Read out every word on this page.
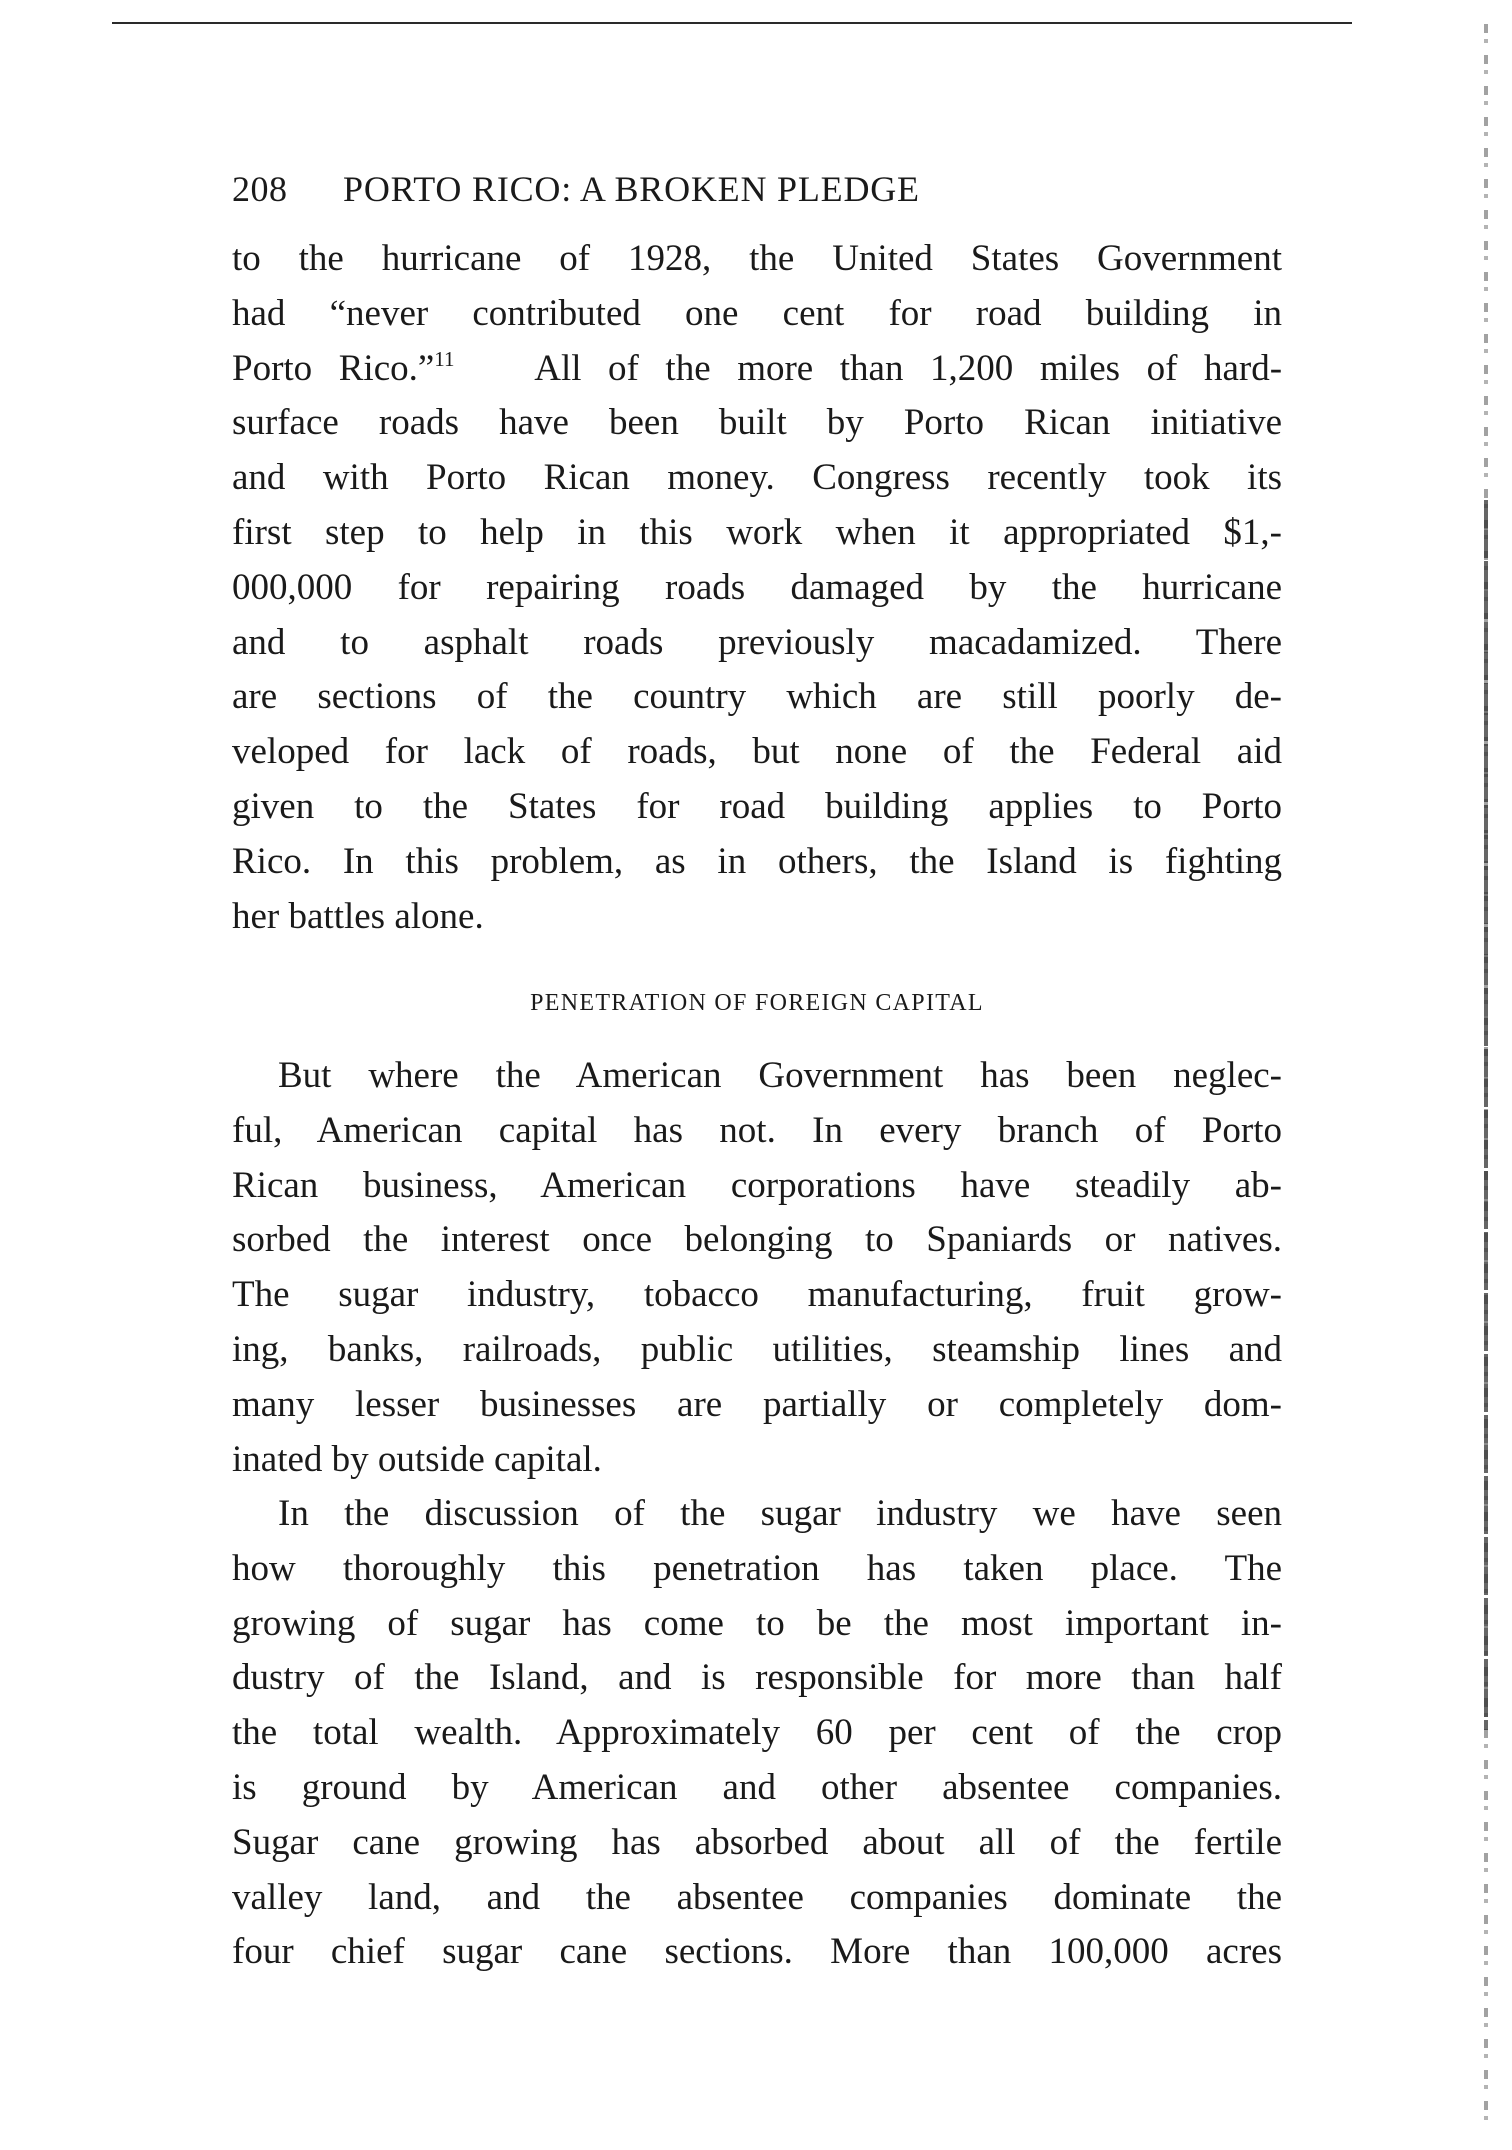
208 PORTO RICO: A BROKEN PLEDGE
to the hurricane of 1928, the United States Government
had “never contributed one cent for road building in
Porto Rico.”$^{11}$ All of the more than 1,200 miles of hard-
surface roads have been built by Porto Rican initiative
and with Porto Rican money. Congress recently took its
first step to help in this work when it appropriated $1,-
000,000 for repairing roads damaged by the hurricane
and to asphalt roads previously macadamized. There
are sections of the country which are still poorly de-
veloped for lack of roads, but none of the Federal aid
given to the States for road building applies to Porto
Rico. In this problem, as in others, the Island is fighting
her battles alone.
PENETRATION OF FOREIGN CAPITAL
But where the American Government has been neglec-
ful, American capital has not. In every branch of Porto
Rican business, American corporations have steadily ab-
sorbed the interest once belonging to Spaniards or natives.
The sugar industry, tobacco manufacturing, fruit grow-
ing, banks, railroads, public utilities, steamship lines and
many lesser businesses are partially or completely dom-
inated by outside capital.
In the discussion of the sugar industry we have seen
how thoroughly this penetration has taken place. The
growing of sugar has come to be the most important in-
dustry of the Island, and is responsible for more than half
the total wealth. Approximately 60 per cent of the crop
is ground by American and other absentee companies.
Sugar cane growing has absorbed about all of the fertile
valley land, and the absentee companies dominate the
four chief sugar cane sections. More than 100,000 acres
